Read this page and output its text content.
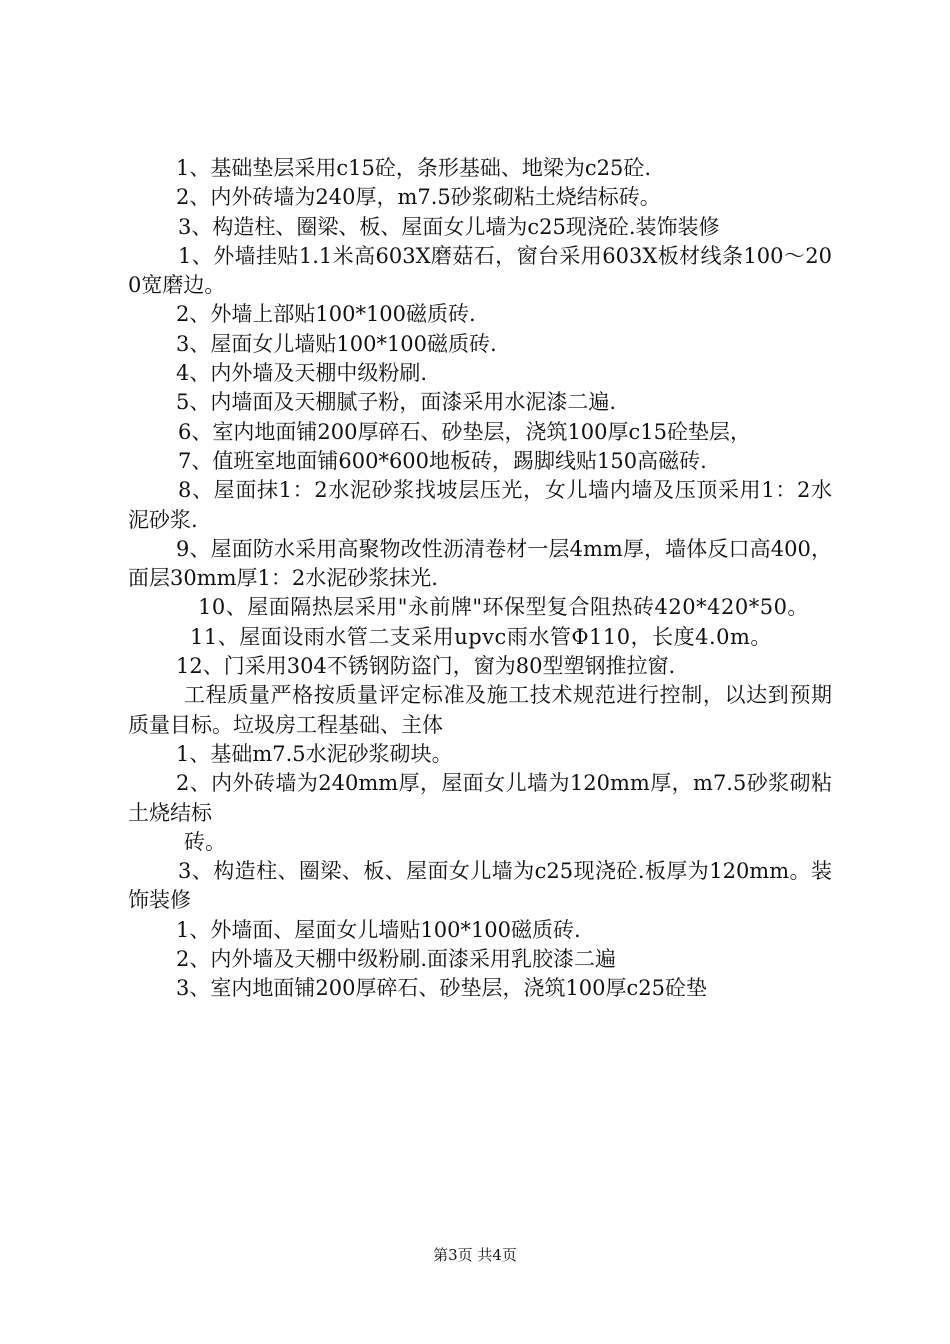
1、基础垫层采用c15砼，条形基础、地梁为c25砼.

2、内外砖墙为240厚，m7.5砂浆砌粘土烧结标砖。

3、构造柱、圈梁、板、屋面女儿墙为c25现浇砼.装饰装修

1、外墙挂贴1.1米高603X磨菇石，窗台采用603X板材线条100～200宽磨边。

2、外墙上部贴100*100磁质砖.

3、屋面女儿墙贴100*100磁质砖.

4、内外墙及天棚中级粉刷.

5、内墙面及天棚腻子粉，面漆采用水泥漆二遍.

6、室内地面铺200厚碎石、砂垫层，浇筑100厚c15砼垫层，

7、值班室地面铺600*600地板砖，踢脚线贴150高磁砖.

8、屋面抹1：2水泥砂浆找坡层压光，女儿墙内墙及压顶采用1：2水泥砂浆.

9、屋面防水采用高聚物改性沥清卷材一层4mm厚，墙体反口高400，面层30mm厚1：2水泥砂浆抹光.

10、屋面隔热层采用"永前牌"环保型复合阻热砖420*420*50。

11、屋面设雨水管二支采用upvc雨水管Φ110，长度4.0m。

12、门采用304不锈钢防盗门，窗为80型塑钢推拉窗.

工程质量严格按质量评定标准及施工技术规范进行控制，以达到预期质量目标。垃圾房工程基础、主体

1、基础m7.5水泥砂浆砌块。

2、内外砖墙为240mm厚，屋面女儿墙为120mm厚，m7.5砂浆砌粘土烧结标

砖。

3、构造柱、圈梁、板、屋面女儿墙为c25现浇砼.板厚为120mm。装饰装修

1、外墙面、屋面女儿墙贴100*100磁质砖.

2、内外墙及天棚中级粉刷.面漆采用乳胶漆二遍

3、室内地面铺200厚碎石、砂垫层，浇筑100厚c25砼垫

第3页 共4页
